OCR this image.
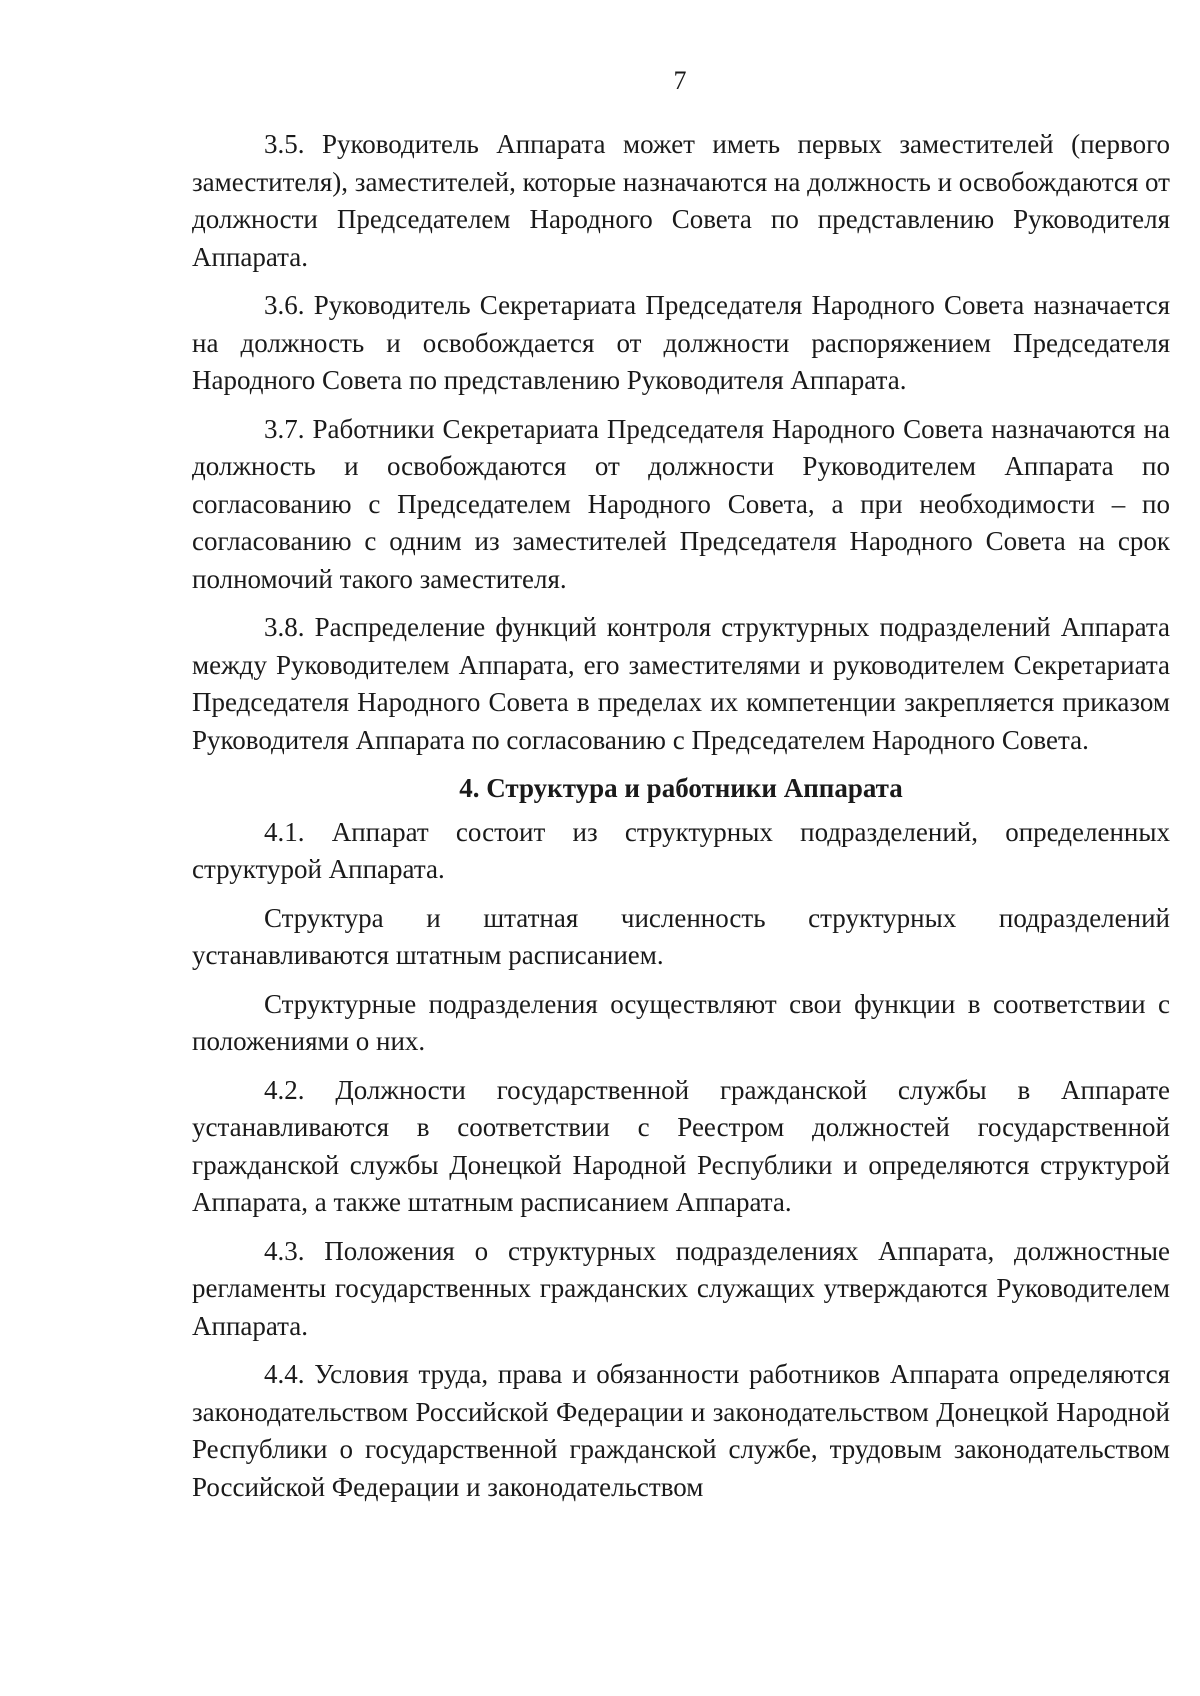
7

3.5. Руководитель Аппарата может иметь первых заместителей (первого заместителя), заместителей, которые назначаются на должность и освобождаются от должности Председателем Народного Совета по представлению Руководителя Аппарата.

3.6. Руководитель Секретариата Председателя Народного Совета назначается на должность и освобождается от должности распоряжением Председателя Народного Совета по представлению Руководителя Аппарата.

3.7. Работники Секретариата Председателя Народного Совета назначаются на должность и освобождаются от должности Руководителем Аппарата по согласованию с Председателем Народного Совета, а при необходимости – по согласованию с одним из заместителей Председателя Народного Совета на срок полномочий такого заместителя.

3.8. Распределение функций контроля структурных подразделений Аппарата между Руководителем Аппарата, его заместителями и руководителем Секретариата Председателя Народного Совета в пределах их компетенции закрепляется приказом Руководителя Аппарата по согласованию с Председателем Народного Совета.

4. Структура и работники Аппарата

4.1. Аппарат состоит из структурных подразделений, определенных структурой Аппарата.

Структура и штатная численность структурных подразделений устанавливаются штатным расписанием.

Структурные подразделения осуществляют свои функции в соответствии с положениями о них.

4.2. Должности государственной гражданской службы в Аппарате устанавливаются в соответствии с Реестром должностей государственной гражданской службы Донецкой Народной Республики и определяются структурой Аппарата, а также штатным расписанием Аппарата.

4.3. Положения о структурных подразделениях Аппарата, должностные регламенты государственных гражданских служащих утверждаются Руководителем Аппарата.

4.4. Условия труда, права и обязанности работников Аппарата определяются законодательством Российской Федерации и законодательством Донецкой Народной Республики о государственной гражданской службе, трудовым законодательством Российской Федерации и законодательством
